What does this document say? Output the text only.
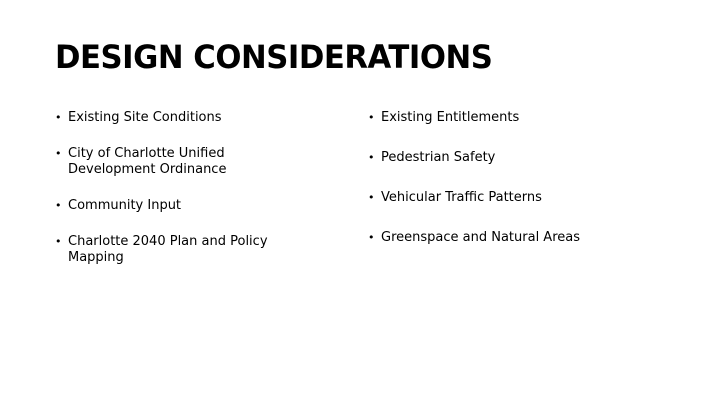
DESIGN CONSIDERATIONS
• Existing Site Conditions
• City of Charlotte Unified Development Ordinance
• Community Input
• Charlotte 2040 Plan and Policy Mapping
• Existing Entitlements
• Pedestrian Safety
• Vehicular Traffic Patterns
• Greenspace and Natural Areas
